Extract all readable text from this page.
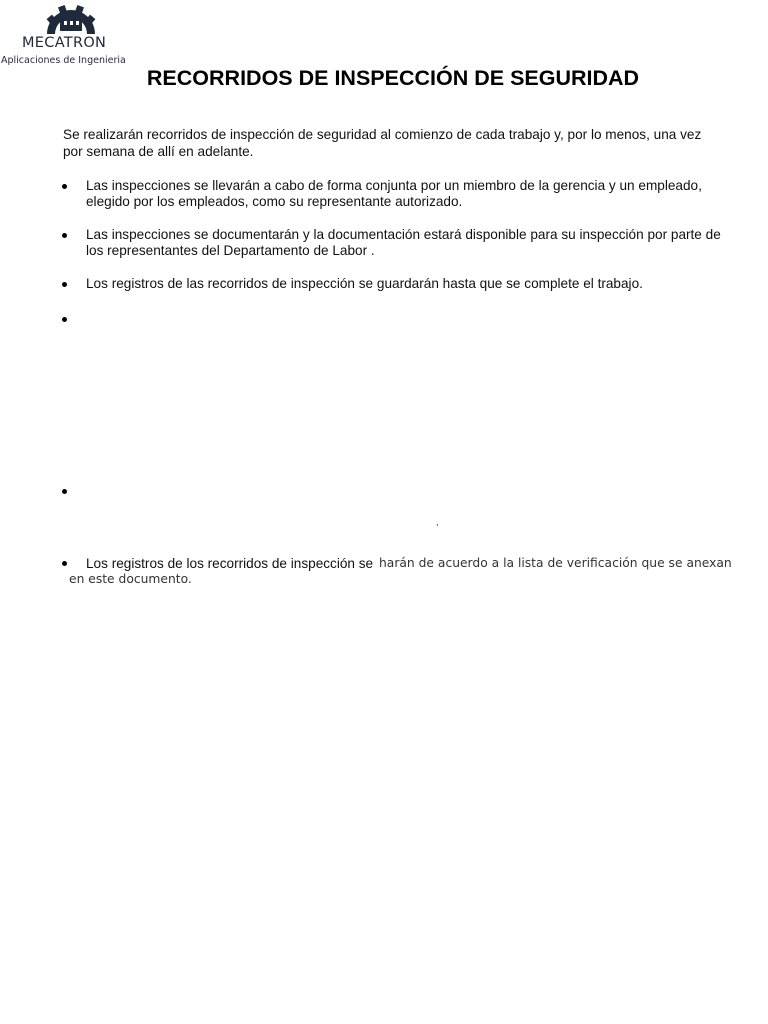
MECATRON
Aplicaciones de Ingenieria
RECORRIDOS DE INSPECCIÓN DE SEGURIDAD

Se realizarán recorridos de inspección de seguridad al comienzo de cada trabajo y, por lo menos, una vez por semana de allí en adelante.

Las inspecciones se llevarán a cabo de forma conjunta por un miembro de la gerencia y un empleado, elegido por los empleados, como su representante autorizado.
Las inspecciones se documentarán y la documentación estará disponible para su inspección por parte de los representantes del Departamento de Labor .
Los registros de las recorridos de inspección se guardarán hasta que se complete el trabajo.
,
Los registros de los recorridos de inspección se harán de acuerdo a la lista de verificación que se anexan
en este documento.
